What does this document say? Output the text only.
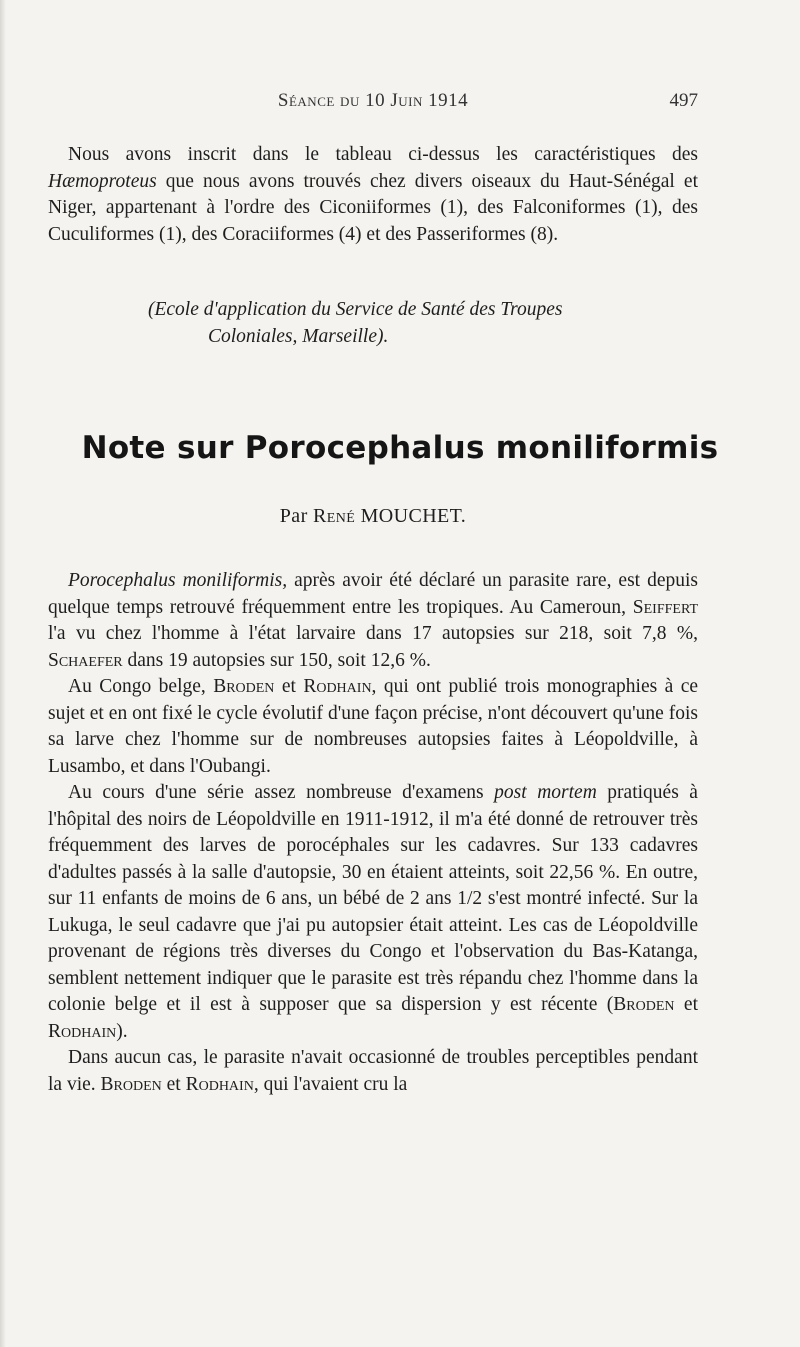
Séance du 10 Juin 1914	497

Nous avons inscrit dans le tableau ci-dessus les caractéristiques des Hæmoproteus que nous avons trouvés chez divers oiseaux du Haut-Sénégal et Niger, appartenant à l'ordre des Ciconiiformes (1), des Falconiformes (1), des Cuculiformes (1), des Coraciiformes (4) et des Passeriformes (8).

(Ecole d'application du Service de Santé des Troupes
Coloniales, Marseille).
Note sur Porocephalus moniliformis
Par René MOUCHET.

Porocephalus moniliformis, après avoir été déclaré un parasite rare, est depuis quelque temps retrouvé fréquemment entre les tropiques. Au Cameroun, Seiffert l'a vu chez l'homme à l'état larvaire dans 17 autopsies sur 218, soit 7,8 %, Schaefer dans 19 autopsies sur 150, soit 12,6 %.

Au Congo belge, Broden et Rodhain, qui ont publié trois monographies à ce sujet et en ont fixé le cycle évolutif d'une façon précise, n'ont découvert qu'une fois sa larve chez l'homme sur de nombreuses autopsies faites à Léopoldville, à Lusambo, et dans l'Oubangi.

Au cours d'une série assez nombreuse d'examens post mortem pratiqués à l'hôpital des noirs de Léopoldville en 1911-1912, il m'a été donné de retrouver très fréquemment des larves de porocéphales sur les cadavres. Sur 133 cadavres d'adultes passés à la salle d'autopsie, 30 en étaient atteints, soit 22,56 %. En outre, sur 11 enfants de moins de 6 ans, un bébé de 2 ans 1/2 s'est montré infecté. Sur la Lukuga, le seul cadavre que j'ai pu autopsier était atteint. Les cas de Léopoldville provenant de régions très diverses du Congo et l'observation du Bas-Katanga, semblent nettement indiquer que le parasite est très répandu chez l'homme dans la colonie belge et il est à supposer que sa dispersion y est récente (Broden et Rodhain).

Dans aucun cas, le parasite n'avait occasionné de troubles perceptibles pendant la vie. Broden et Rodhain, qui l'avaient cru la
